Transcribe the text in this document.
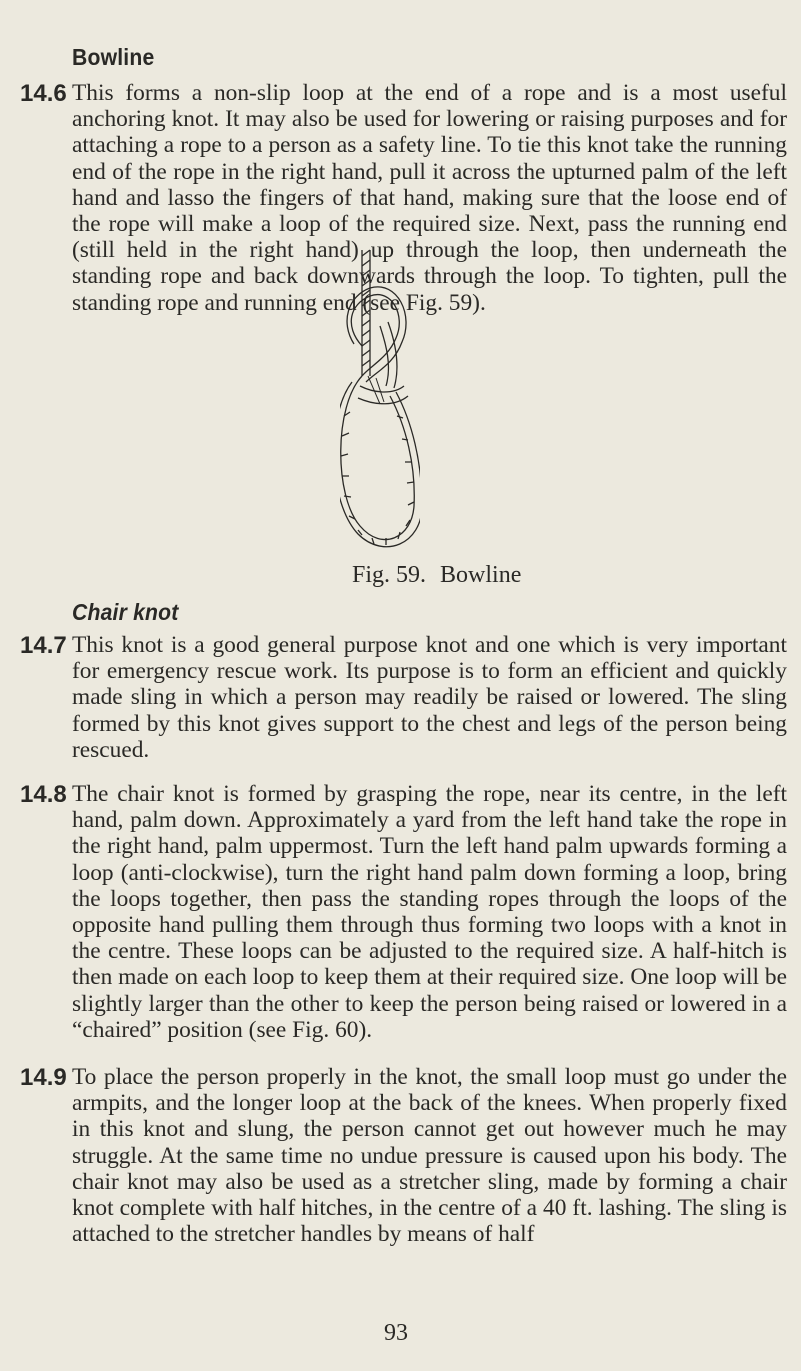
Bowline
14.6 This forms a non-slip loop at the end of a rope and is a most useful anchoring knot. It may also be used for lowering or raising purposes and for attaching a rope to a person as a safety line. To tie this knot take the running end of the rope in the right hand, pull it across the upturned palm of the left hand and lasso the fingers of that hand, making sure that the loose end of the rope will make a loop of the required size. Next, pass the running end (still held in the right hand) up through the loop, then underneath the standing rope and back downwards through the loop. To tighten, pull the standing rope and running end (see Fig. 59).

Fig. 59. Bowline
Chair knot
14.7 This knot is a good general purpose knot and one which is very important for emergency rescue work. Its purpose is to form an efficient and quickly made sling in which a person may readily be raised or lowered. The sling formed by this knot gives support to the chest and legs of the person being rescued.

14.8 The chair knot is formed by grasping the rope, near its centre, in the left hand, palm down. Approximately a yard from the left hand take the rope in the right hand, palm uppermost. Turn the left hand palm upwards forming a loop (anti-clockwise), turn the right hand palm down forming a loop, bring the loops together, then pass the standing ropes through the loops of the opposite hand pulling them through thus forming two loops with a knot in the centre. These loops can be adjusted to the required size. A half-hitch is then made on each loop to keep them at their required size. One loop will be slightly larger than the other to keep the person being raised or lowered in a “chaired” position (see Fig. 60).

14.9 To place the person properly in the knot, the small loop must go under the armpits, and the longer loop at the back of the knees. When properly fixed in this knot and slung, the person cannot get out however much he may struggle. At the same time no undue pressure is caused upon his body. The chair knot may also be used as a stretcher sling, made by forming a chair knot complete with half hitches, in the centre of a 40 ft. lashing. The sling is attached to the stretcher handles by means of half

93
